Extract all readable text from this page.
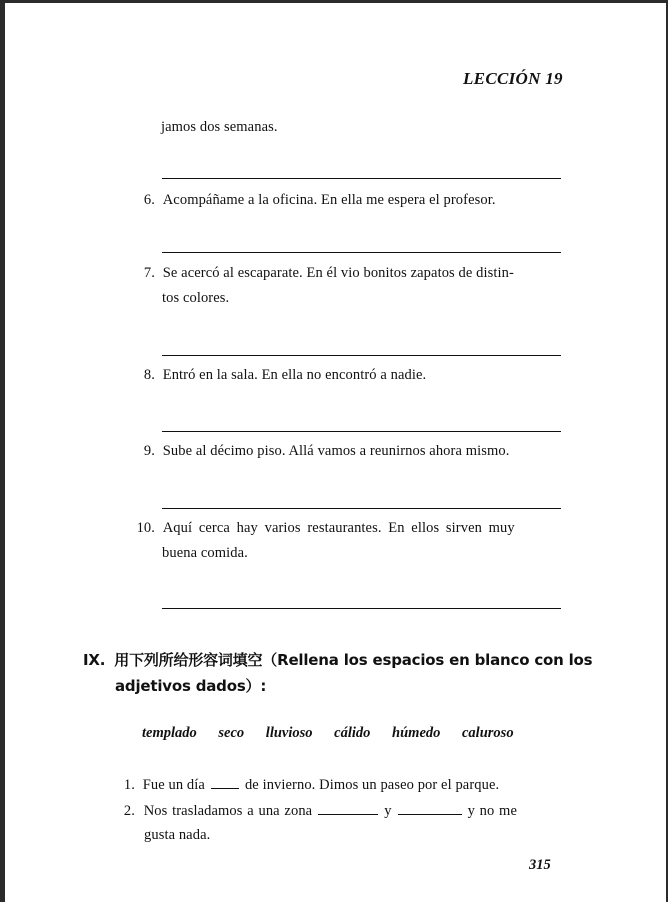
LECCIÓN 19
jamos dos semanas.
6. Acompáñame a la oficina. En ella me espera el profesor.
7. Se acercó al escaparate. En él vio bonitos zapatos de distin-
tos colores.
8. Entró en la sala. En ella no encontró a nadie.
9. Sube al décimo piso. Allá vamos a reunirnos ahora mismo.
10. Aquí cerca hay varios restaurantes. En ellos sirven muy
buena comida.
IX. 用下列所给形容词填空（Rellena los espacios en blanco con los
adjetivos dados）:
templado seco lluvioso cálido húmedo caluroso
1. Fue un día	de invierno. Dimos un paseo por el parque.
2. Nos trasladamos a una zona	y	y no me
gusta nada.
315
